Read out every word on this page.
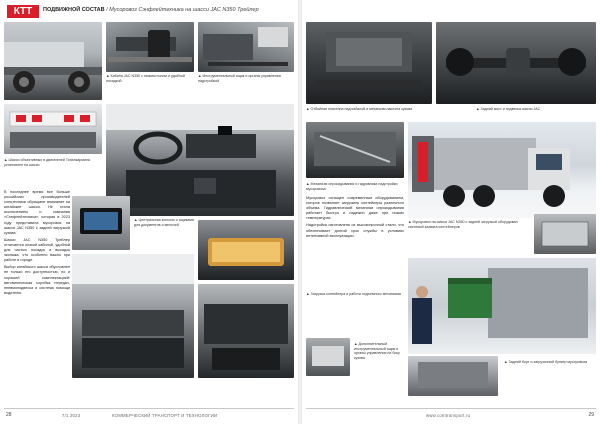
КТТ	ПОДВИЖНОЙ СОСТАВ / Мусоровоз Сэнфлейтехника на шасси JAC N350 Трейлер
▲ Кабина JAC N350 с низким полом и удобной посадкой
▲ Инструментальный ящик и органы управления надстройкой
▲ Шасси объективных в двигателей Топалкармина установлен на шасси

В последнее время все больше российских производителей спецтехники обращают внимание на китайские шасси. Не стала исключением и компания «Сэнфлейтехника», которая в 2023 году представила мусоровоз на шасси JAC N350 с задней загрузкой кузова.

Шасси JAC N350 Трейлер отличается низкой кабиной, удобной для частых посадок и высадок экипажа, что особенно важно при работе в городе.

Выбор китайского шасси обусловлен не только его доступностью, но и хорошей комплектацией: автоматическая коробка передач, пневмоподвеска и система помощи водителю.

▲ Центральная консоль с ящиками для документов и мелочей
28	7/1 2023	КОММЕРЧЕСКИЙ ТРАНСПОРТ И ТЕХНОЛОГИИ
▲ Отбойная пластина над кабиной и механизм наклона кузова	▲ Задний мост и подвеска шасси JAC
▲ Механизм опрокидывания и гидравлика надстройки мусоровоза

Мусоровоз оснащен современным оборудованием, которое позволяет загружать контейнеры различного объема. Гидравлический механизм опрокидывания работает быстро и надежно даже при низких температурах.

Надстройка изготовлена из высокопрочной стали, что обеспечивает долгий срок службы в условиях интенсивной эксплуатации.

▲ Загрузка контейнера и работа подъемного механизма
▲ Дополнительный инструментальный ящик и органы управления на боку кузова
▲ Задний борт и загрузочный бункер мусоровоза
▲ Мусоровоз на шасси JAC N350 с задней загрузкой оборудован системой захвата контейнеров
www.comtransport.ru	29
